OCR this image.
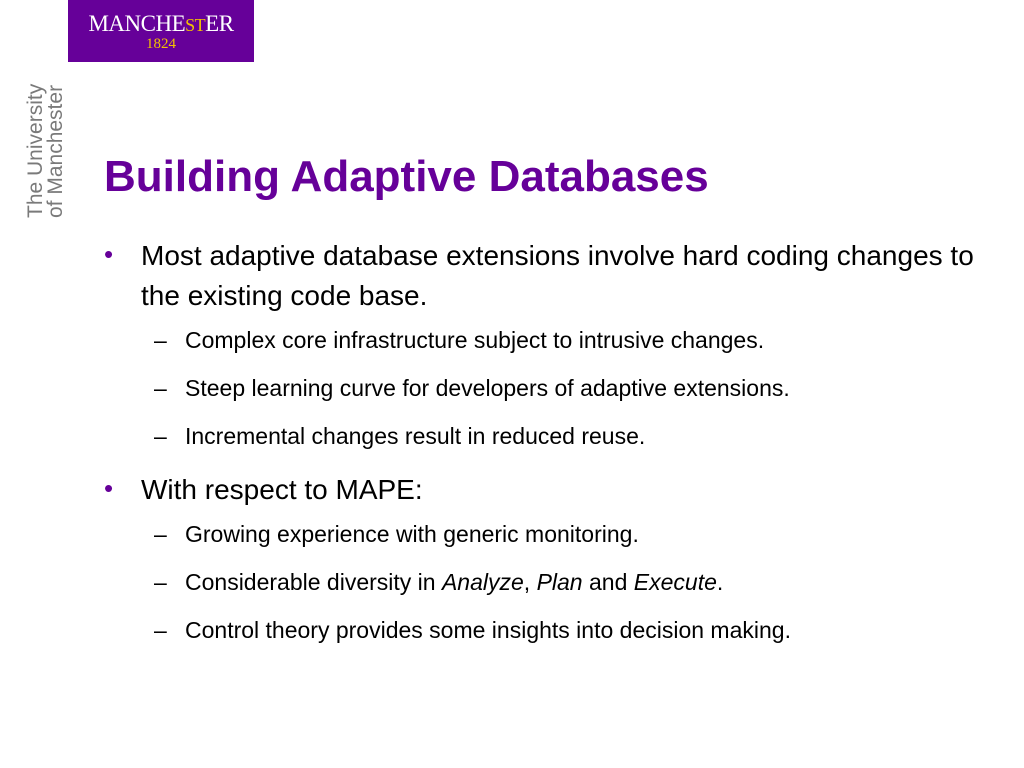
MANCHESTER
1824
The University
of Manchester Building Adaptive Databases
• Most adaptive database extensions involve hard coding changes to the existing code base.
– Complex core infrastructure subject to intrusive changes.
– Steep learning curve for developers of adaptive extensions.
– Incremental changes result in reduced reuse.
• With respect to MAPE:
– Growing experience with generic monitoring.
– Considerable diversity in Analyze, Plan and Execute.
– Control theory provides some insights into decision making.
